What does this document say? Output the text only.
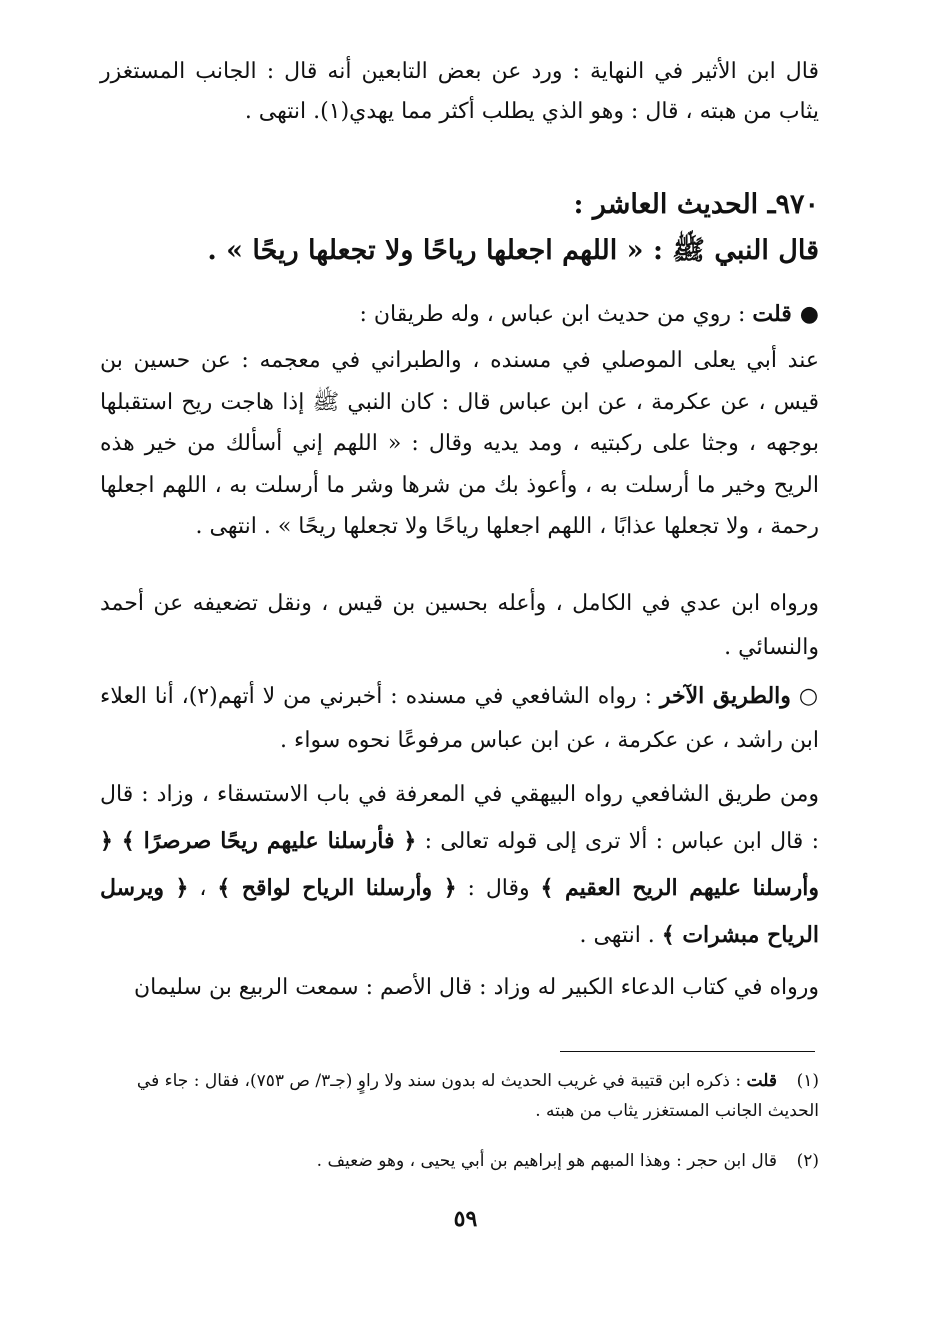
قال ابن الأثير في النهاية : ورد عن بعض التابعين أنه قال : الجانب المستغزر يثاب من هبته ، قال : وهو الذي يطلب أكثر مما يهدي(١). انتهى .

٩٧٠ـ الحديث العاشر :
قال النبي ﷺ : « اللهم اجعلها رياحًا ولا تجعلها ريحًا » .

●قلت : روي من حديث ابن عباس ، وله طريقان :

عند أبي يعلى الموصلي في مسنده ، والطبراني في معجمه : عن حسين بن قيس ، عن عكرمة ، عن ابن عباس قال : كان النبي ﷺ إذا هاجت ريح استقبلها بوجهه ، وجثا على ركبتيه ، ومد يديه وقال : « اللهم إني أسألك من خير هذه الريح وخير ما أرسلت به ، وأعوذ بك من شرها وشر ما أرسلت به ، اللهم اجعلها رحمة ، ولا تجعلها عذابًا ، اللهم اجعلها رياحًا ولا تجعلها ريحًا » . انتهى .

ورواه ابن عدي في الكامل ، وأعله بحسين بن قيس ، ونقل تضعيفه عن أحمد والنسائي .

○والطريق الآخر : رواه الشافعي في مسنده : أخبرني من لا أتهم(٢)، أنا العلاء ابن راشد ، عن عكرمة ، عن ابن عباس مرفوعًا نحوه سواء .

ومن طريق الشافعي رواه البيهقي في المعرفة في باب الاستسقاء ، وزاد : قال : قال ابن عباس : ألا ترى إلى قوله تعالى : ﴿ فأرسلنا عليهم ريحًا صرصرًا ﴾ ﴿ وأرسلنا عليهم الريح العقيم ﴾ وقال : ﴿ وأرسلنا الرياح لواقح ﴾ ، ﴿ ويرسل الرياح مبشرات ﴾ . انتهى .

ورواه في كتاب الدعاء الكبير له وزاد : قال الأصم : سمعت الربيع بن سليمان

(١)قلت : ذكره ابن قتيبة في غريب الحديث له بدون سند ولا راوٍ (جـ٣/ ص ٧٥٣)، فقال : جاء في الحديث الجانب المستغزر يثاب من هبته .

(٢)قال ابن حجر : وهذا المبهم هو إبراهيم بن أبي يحيى ، وهو ضعيف .

٥٩
